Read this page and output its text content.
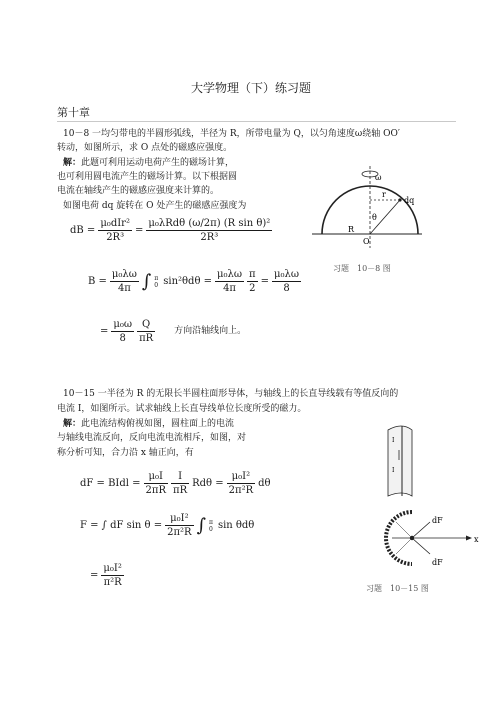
大学物理（下）练习题
第十章
10－8 一均匀带电的半圆形弧线，半径为 R，所带电量为 Q，以匀角速度ω绕轴 OO′
转动，如图所示，求 O 点处的磁感应强度。
解：此题可利用运动电荷产生的磁场计算，
也可利用圆电流产生的磁场计算。以下根据圆
电流在轴线产生的磁感应强度来计算的。
如图电荷 dq 旋转在 O 处产生的磁感应强度为
dB = $\frac{\text{μ₀dIr²}}{\text{2R³}} = \frac{\text{μ₀λRdθ (ω/2π) (R sin θ)²}}{\text{2R³}}$
$B = \frac{\text{μ₀λω}}{4\pi}$ ∫ π
0 $\sin^2\theta d\theta = \frac{\text{μ₀λω}}{4\pi} \frac{\pi}{2} = \frac{\text{μ₀λω}}{8}$
= $\frac{\text{μ₀ω}}{8} \frac{Q}{\pi R}$ 方向沿轴线向上。
ω
r
dq
θ
R
O
习题　10－8 图
10－15 一半径为 R 的无限长半圆柱面形导体，与轴线上的长直导线载有等值反向的
电流 I，如图所示。试求轴线上长直导线单位长度所受的磁力。
解：此电流结构俯视如图，圆柱面上的电流
与轴线电流反向，反向电流电流相斥，如图，对
称分析可知，合力沿 x 轴正向，有
dF = BIdl = $\frac{\text{μ₀I}}{2\pi R} \frac{I}{\pi R}$ $Rd\theta = \frac{\text{μ₀I²}}{\text{2π²R}}$ dθ
F = ∫ dF $\sin \theta = \frac{\text{μ₀I²}}{\text{2π²R}}$ ∫ π
0 sin θdθ
= $\frac{\text{μ₀I²}}{\text{π²R}}$
I
I
dF
dF
x
习题　10－15 图
